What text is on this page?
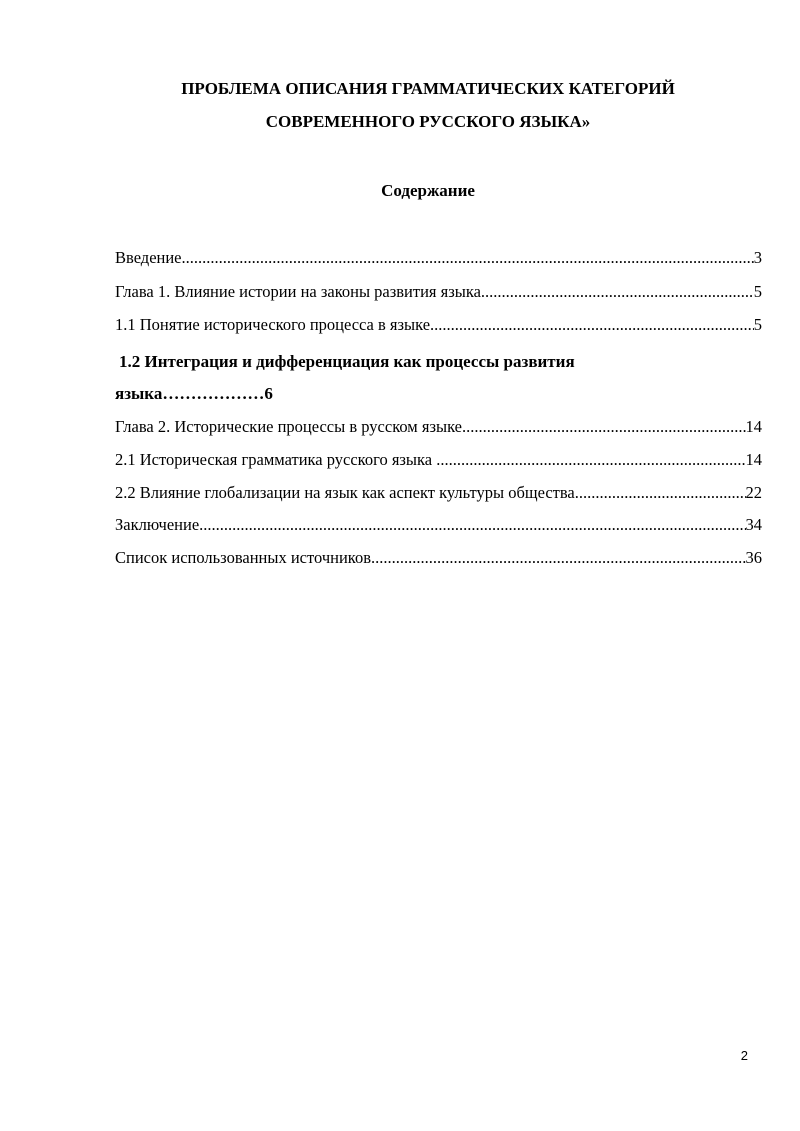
ПРОБЛЕМА ОПИСАНИЯ ГРАММАТИЧЕСКИХ КАТЕГОРИЙ
СОВРЕМЕННОГО РУССКОГО ЯЗЫКА»
Содержание
Введение .....	3
Глава 1. Влияние истории на законы развития языка .....	5
1.1 Понятие исторического процесса в языке .....	5
1.2 Интеграция и дифференциация как процессы развития
языка………………6
Глава 2. Исторические процессы в русском языке .....	14
2.1 Историческая грамматика русского языка .....	14
2.2 Влияние глобализации на язык как аспект культуры общества .....	22
Заключение .....	34
Список использованных источников .....	36
2
